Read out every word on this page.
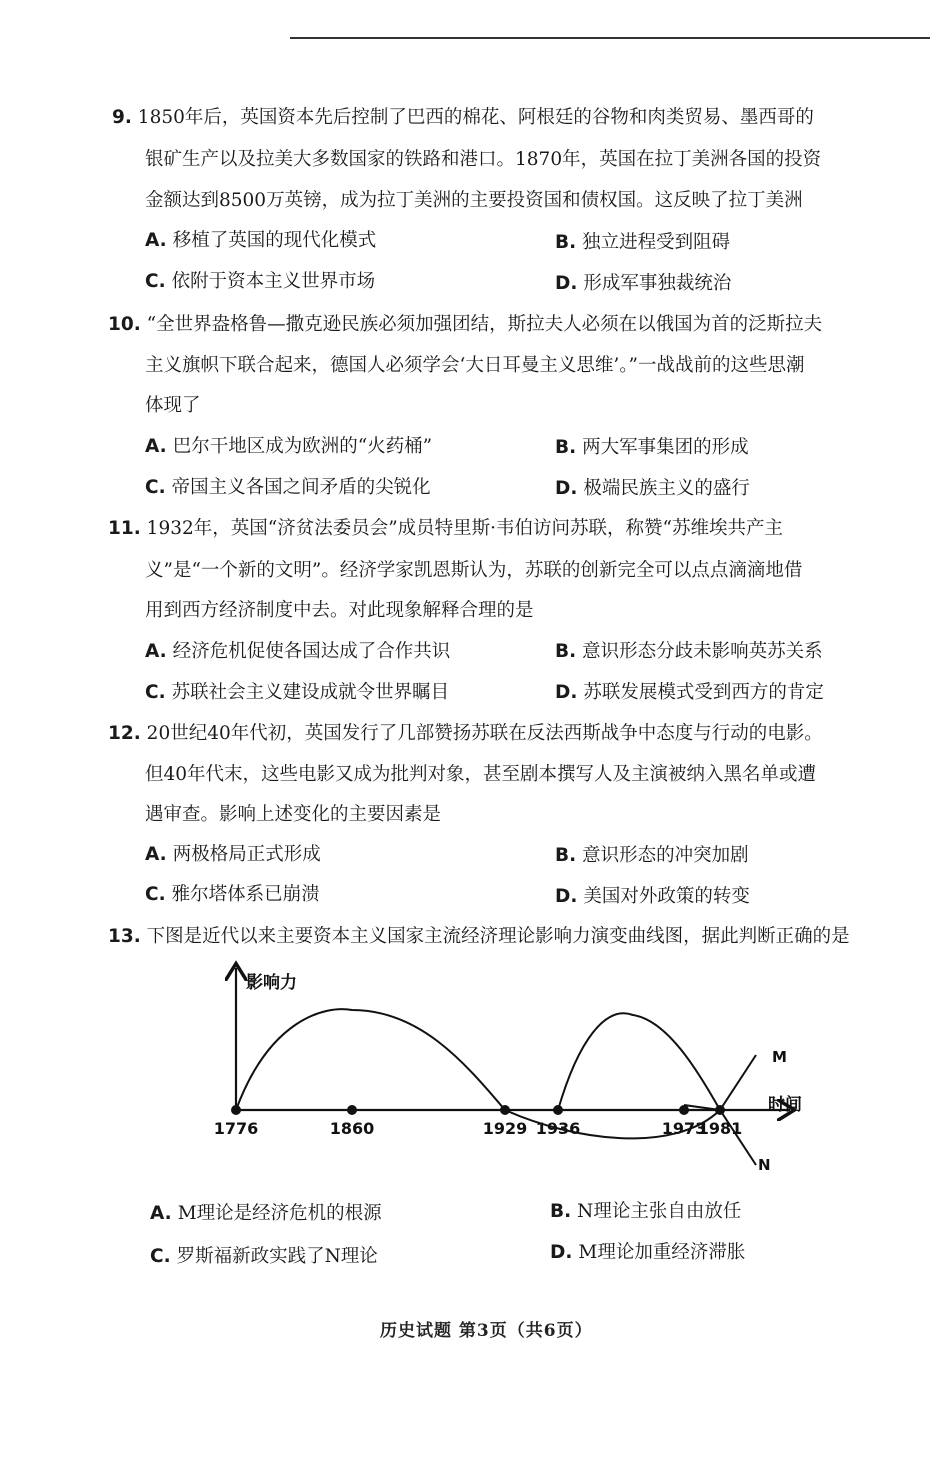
9. 1850年后，英国资本先后控制了巴西的棉花、阿根廷的谷物和肉类贸易、墨西哥的
银矿生产以及拉美大多数国家的铁路和港口。1870年，英国在拉丁美洲各国的投资
金额达到8500万英镑，成为拉丁美洲的主要投资国和债权国。这反映了拉丁美洲
A. 移植了英国的现代化模式	B. 独立进程受到阻碍
C. 依附于资本主义世界市场	D. 形成军事独裁统治
10. “全世界盎格鲁—撒克逊民族必须加强团结，斯拉夫人必须在以俄国为首的泛斯拉夫
主义旗帜下联合起来，德国人必须学会‘大日耳曼主义思维’。”一战战前的这些思潮
体现了
A. 巴尔干地区成为欧洲的“火药桶”	B. 两大军事集团的形成
C. 帝国主义各国之间矛盾的尖锐化	D. 极端民族主义的盛行
11. 1932年，英国“济贫法委员会”成员特里斯·韦伯访问苏联，称赞“苏维埃共产主
义”是“一个新的文明”。经济学家凯恩斯认为，苏联的创新完全可以点点滴滴地借
用到西方经济制度中去。对此现象解释合理的是
A. 经济危机促使各国达成了合作共识	B. 意识形态分歧未影响英苏关系
C. 苏联社会主义建设成就令世界瞩目	D. 苏联发展模式受到西方的肯定
12. 20世纪40年代初，英国发行了几部赞扬苏联在反法西斯战争中态度与行动的电影。
但40年代末，这些电影又成为批判对象，甚至剧本撰写人及主演被纳入黑名单或遭
遇审查。影响上述变化的主要因素是
A. 两极格局正式形成	B. 意识形态的冲突加剧
C. 雅尔塔体系已崩溃	D. 美国对外政策的转变
13. 下图是近代以来主要资本主义国家主流经济理论影响力演变曲线图，据此判断正确的是
影响力
时间
1776	1860	1929 1936	1973
1981
M
N
A. M理论是经济危机的根源	B. N理论主张自由放任
C. 罗斯福新政实践了N理论	D. M理论加重经济滞胀
历史试题 第3页（共6页）
